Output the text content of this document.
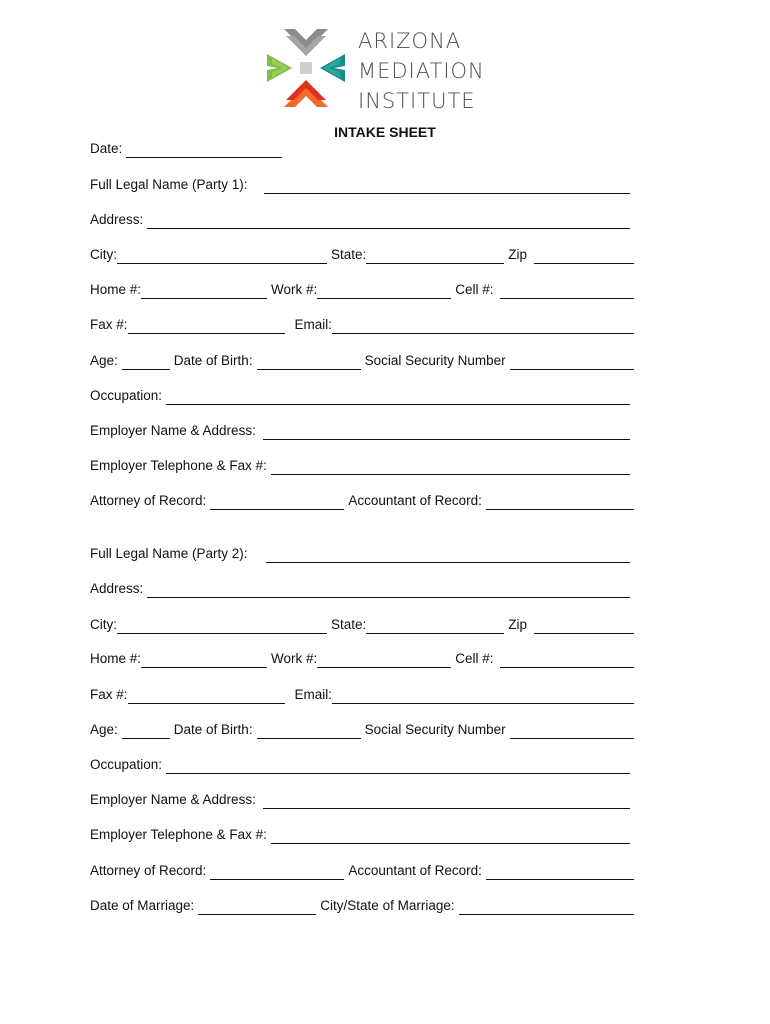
ARIZONA
MEDIATION
INSTITUTE
INTAKE SHEET
Date:
Full Legal Name (Party 1):
Address:
City:	State:	Zip
Home #:	Work #:	Cell #:
Fax #:	Email:
Age:	Date of Birth:	Social Security Number
Occupation:
Employer Name & Address:
Employer Telephone & Fax #:
Attorney of Record:	Accountant of Record:
Full Legal Name (Party 2):
Address:
City:	State:	Zip
Home #:	Work #:	Cell #:
Fax #:	Email:
Age:	Date of Birth:	Social Security Number
Occupation:
Employer Name & Address:
Employer Telephone & Fax #:
Attorney of Record:	Accountant of Record:
Date of Marriage:	City/State of Marriage:
